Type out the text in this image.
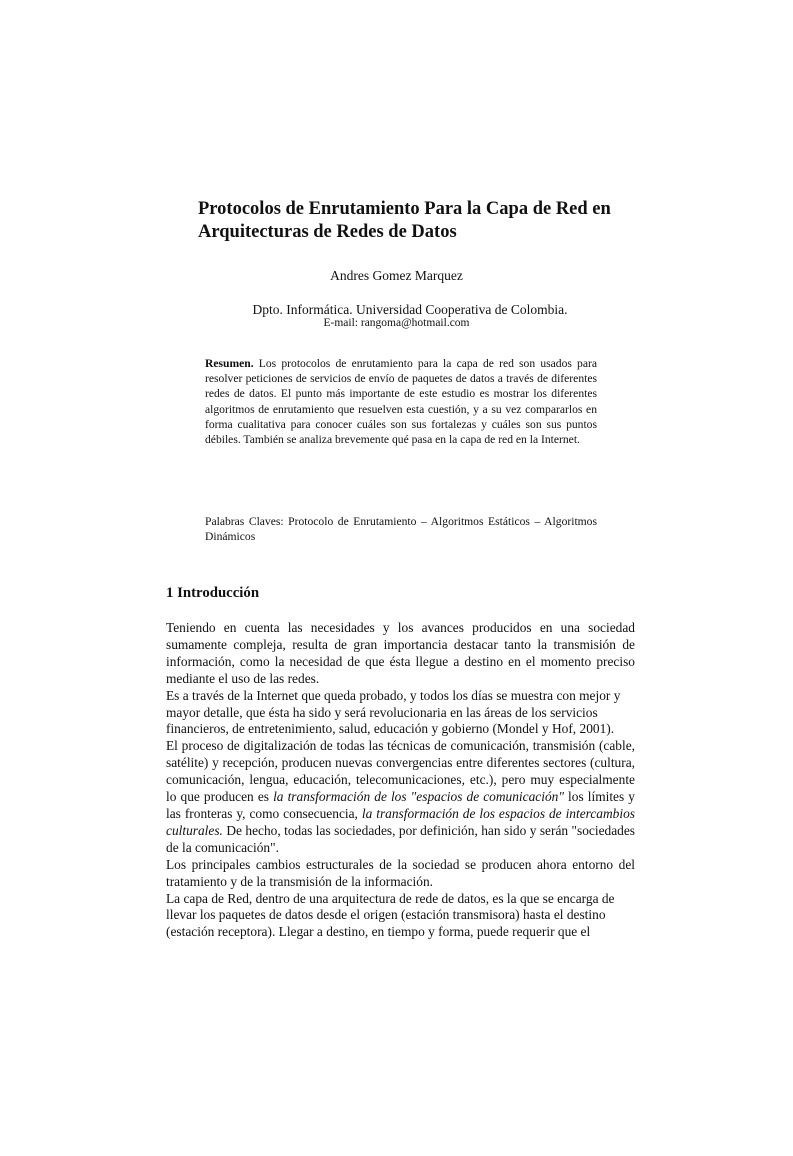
Protocolos de Enrutamiento Para la Capa de Red en
Arquitecturas de Redes de Datos

Andres Gomez Marquez

Dpto. Informática. Universidad Cooperativa de Colombia.

E-mail: rangoma@hotmail.com

Resumen. Los protocolos de enrutamiento para la capa de red son usados para resolver peticiones de servicios de envío de paquetes de datos a través de diferentes redes de datos. El punto más importante de este estudio es mostrar los diferentes algoritmos de enrutamiento que resuelven esta cuestión, y a su vez compararlos en forma cualitativa para conocer cuáles son sus fortalezas y cuáles son sus puntos débiles. También se analiza brevemente qué pasa en la capa de red en la Internet.

Palabras Claves: Protocolo de Enrutamiento – Algoritmos Estáticos – Algoritmos Dinámicos

1 Introducción

Teniendo en cuenta las necesidades y los avances producidos en una sociedad sumamente compleja, resulta de gran importancia destacar tanto la transmisión de información, como la necesidad de que ésta llegue a destino en el momento preciso mediante el uso de las redes.

Es a través de la Internet que queda probado, y todos los días se muestra con mejor y mayor detalle, que ésta ha sido y será revolucionaria en las áreas de los servicios financieros, de entretenimiento, salud, educación y gobierno (Mondel y Hof, 2001).

El proceso de digitalización de todas las técnicas de comunicación, transmisión (cable, satélite) y recepción, producen nuevas convergencias entre diferentes sectores (cultura, comunicación, lengua, educación, telecomunicaciones, etc.), pero muy especialmente lo que producen es la transformación de los "espacios de comunicación" los límites y las fronteras y, como consecuencia, la transformación de los espacios de intercambios culturales. De hecho, todas las sociedades, por definición, han sido y serán "sociedades de la comunicación".

Los principales cambios estructurales de la sociedad se producen ahora entorno del tratamiento y de la transmisión de la información.

La capa de Red, dentro de una arquitectura de rede de datos, es la que se encarga de llevar los paquetes de datos desde el origen (estación transmisora) hasta el destino (estación receptora). Llegar a destino, en tiempo y forma, puede requerir que el
